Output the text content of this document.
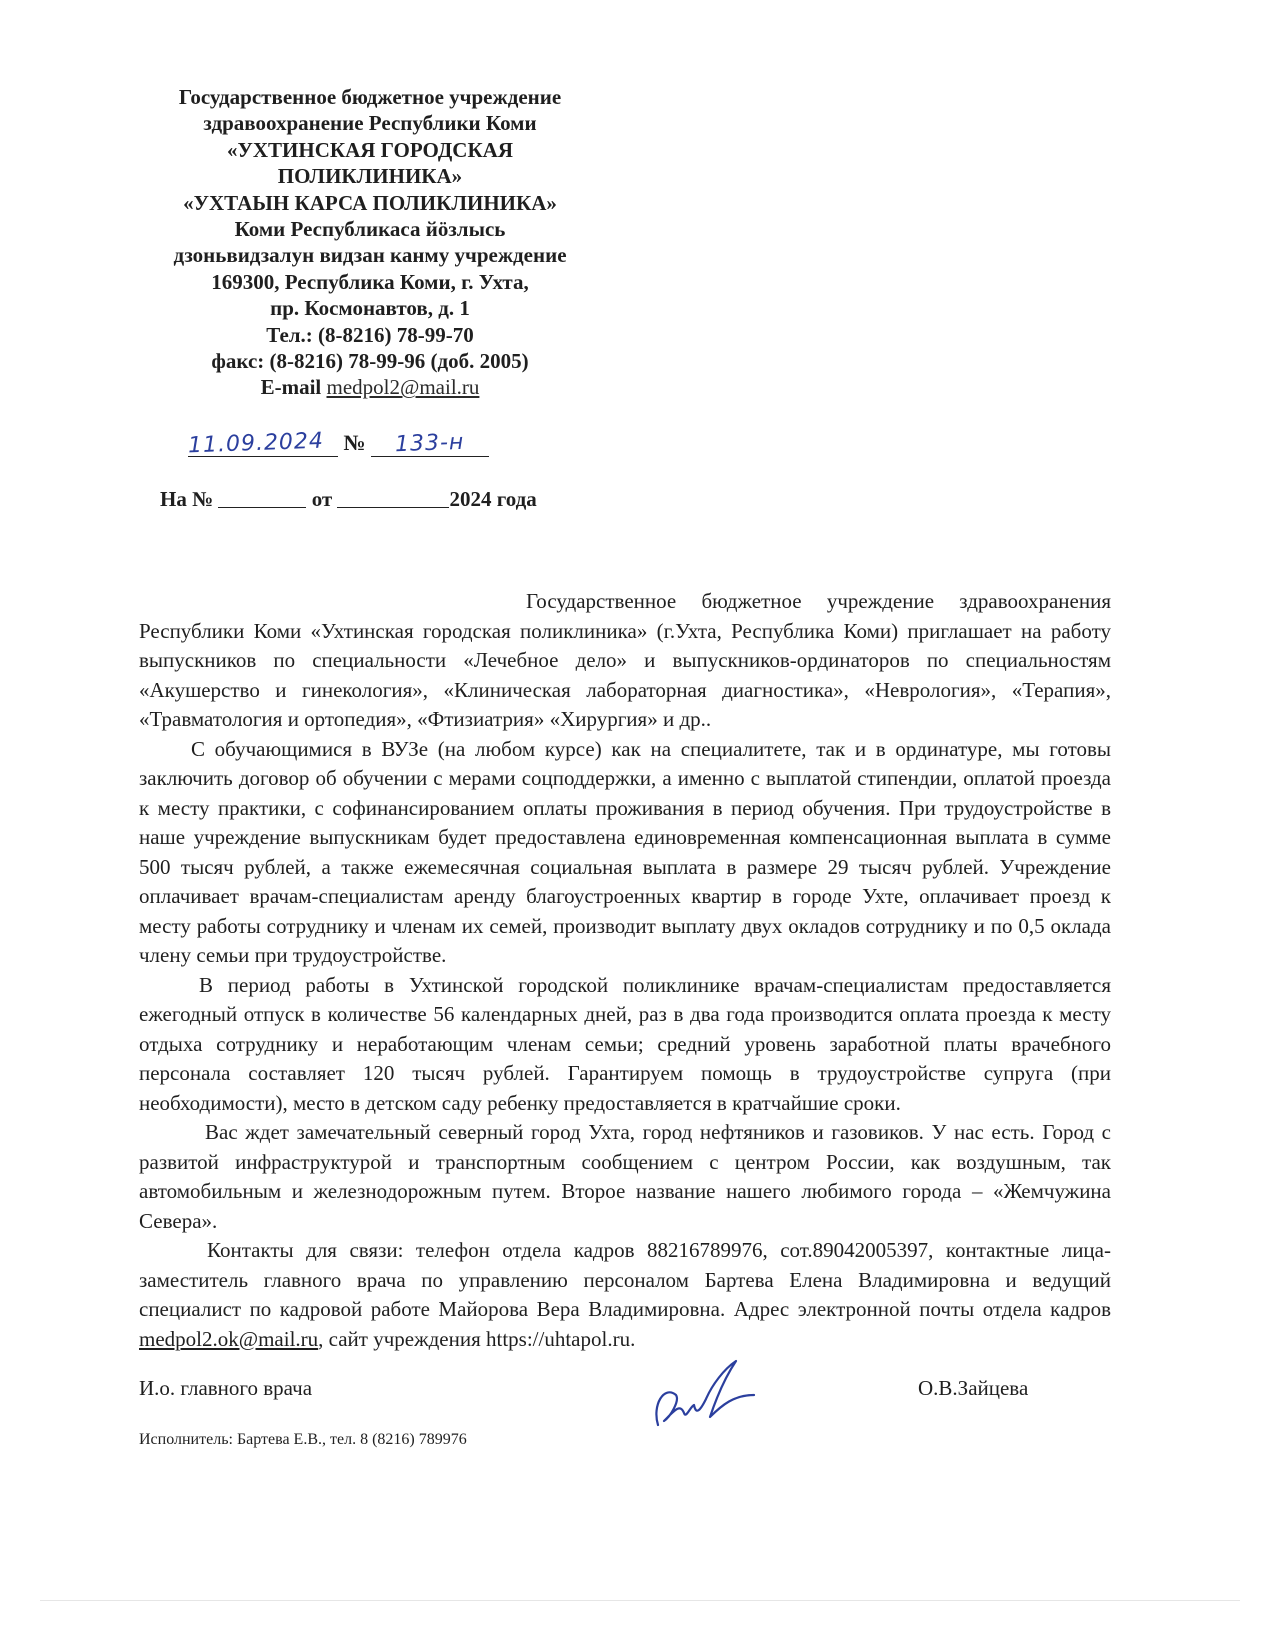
Государственное бюджетное учреждение
здравоохранение Республики Коми
«УХТИНСКАЯ ГОРОДСКАЯ
ПОЛИКЛИНИКА»
«УХТАЫН КАРСА ПОЛИКЛИНИКА»
Коми Республикаса йӧзлысь
дзоньвидзалун видзан канму учреждение
169300, Республика Коми, г. Ухта,
пр. Космонавтов, д. 1
Тел.: (8-8216) 78-99-70
факс: (8-8216) 78-99-96 (доб. 2005)
E-mail medpol2@mail.ru
11.09.2024 № 133-н
На №	от	2024 года

Государственное бюджетное учреждение здравоохранения Республики Коми «Ухтинская городская поликлиника» (г.Ухта, Республика Коми) приглашает на работу выпускников по специальности «Лечебное дело» и выпускников-ординаторов по специальностям «Акушерство и гинекология», «Клиническая лабораторная диагностика», «Неврология», «Терапия», «Травматология и ортопедия», «Фтизиатрия» «Хирургия» и др..

С обучающимися в ВУЗе (на любом курсе) как на специалитете, так и в ординатуре, мы готовы заключить договор об обучении с мерами соцподдержки, а именно с выплатой стипендии, оплатой проезда к месту практики, с софинансированием оплаты проживания в период обучения. При трудоустройстве в наше учреждение выпускникам будет предоставлена единовременная компенсационная выплата в сумме 500 тысяч рублей, а также ежемесячная социальная выплата в размере 29 тысяч рублей. Учреждение оплачивает врачам-специалистам аренду благоустроенных квартир в городе Ухте, оплачивает проезд к месту работы сотруднику и членам их семей, производит выплату двух окладов сотруднику и по 0,5 оклада члену семьи при трудоустройстве.

В период работы в Ухтинской городской поликлинике врачам-специалистам предоставляется ежегодный отпуск в количестве 56 календарных дней, раз в два года производится оплата проезда к месту отдыха сотруднику и неработающим членам семьи; средний уровень заработной платы врачебного персонала составляет 120 тысяч рублей. Гарантируем помощь в трудоустройстве супруга (при необходимости), место в детском саду ребенку предоставляется в кратчайшие сроки.

Вас ждет замечательный северный город Ухта, город нефтяников и газовиков. У нас есть. Город с развитой инфраструктурой и транспортным сообщением с центром России, как воздушным, так автомобильным и железнодорожным путем. Второе название нашего любимого города – «Жемчужина Севера».

Контакты для связи: телефон отдела кадров 88216789976, сот.89042005397, контактные лица-заместитель главного врача по управлению персоналом Бартева Елена Владимировна и ведущий специалист по кадровой работе Майорова Вера Владимировна. Адрес электронной почты отдела кадров medpol2.ok@mail.ru, сайт учреждения https://uhtapol.ru.

И.о. главного врача	О.В.Зайцева
Исполнитель: Бартева Е.В., тел. 8 (8216) 789976
